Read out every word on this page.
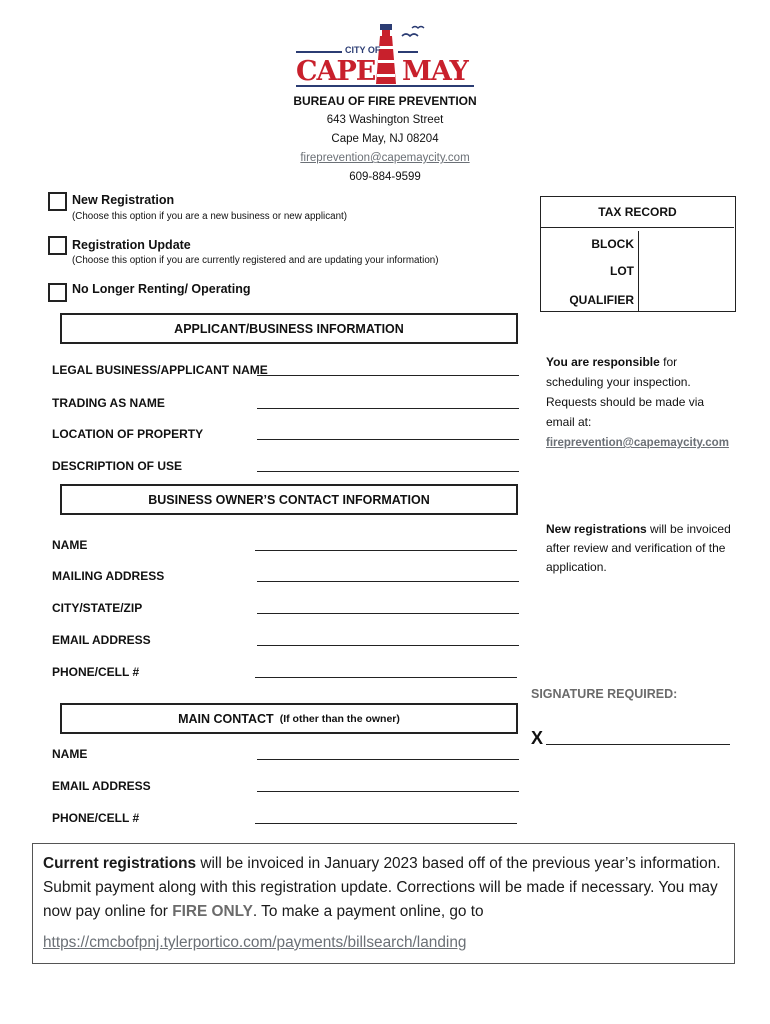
CITY OF
CAPE MAY
BUREAU OF FIRE PREVENTION
643 Washington Street
Cape May, NJ 08204
fireprevention@capemaycity.com
609-884-9599
New Registration
(Choose this option if you are a new business or new applicant)
Registration Update
(Choose this option if you are currently registered and are updating your information)
No Longer Renting/ Operating
TAX RECORD
BLOCK
LOT
QUALIFIER
APPLICANT/BUSINESS INFORMATION
LEGAL BUSINESS/APPLICANT NAME
TRADING AS NAME
LOCATION OF PROPERTY
DESCRIPTION OF USE
BUSINESS OWNER’S CONTACT INFORMATION
NAME
MAILING ADDRESS
CITY/STATE/ZIP
EMAIL ADDRESS
PHONE/CELL #
MAIN CONTACT (If other than the owner)
NAME
EMAIL ADDRESS
PHONE/CELL #
You are responsible for scheduling your inspection. Requests should be made via email at:
fireprevention@capemaycity.com
New registrations will be invoiced after review and verification of the application.
SIGNATURE REQUIRED:
X
Current registrations will be invoiced in January 2023 based off of the previous year’s information. Submit payment along with this registration update. Corrections will be made if necessary. You may now pay online for FIRE ONLY. To make a payment online, go to
https://cmcbofpnj.tylerportico.com/payments/billsearch/landing
